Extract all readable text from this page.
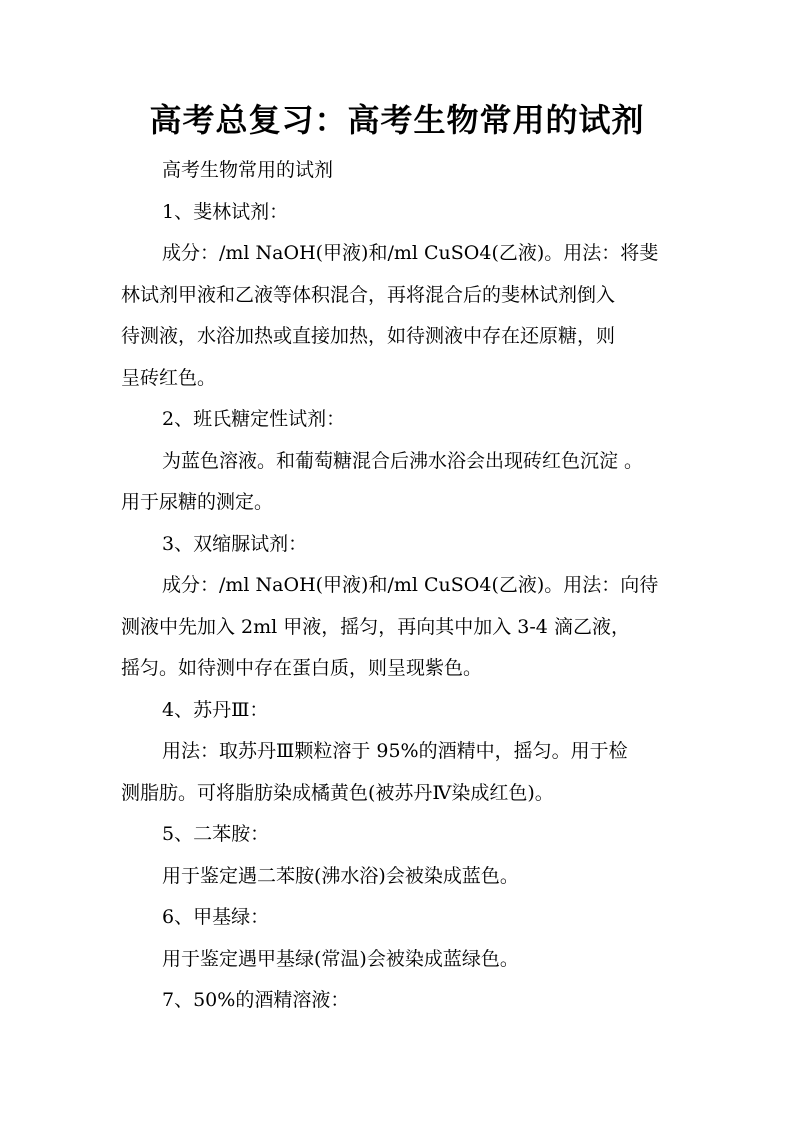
高考总复习：高考生物常用的试剂

高考生物常用的试剂

1、斐林试剂：

成分：/ml NaOH(甲液)和/ml CuSO4(乙液)。用法：将斐
林试剂甲液和乙液等体积混合，再将混合后的斐林试剂倒入
待测液，水浴加热或直接加热，如待测液中存在还原糖，则
呈砖红色。

2、班氏糖定性试剂：

为蓝色溶液。和葡萄糖混合后沸水浴会出现砖红色沉淀 。
用于尿糖的测定。

3、双缩脲试剂：

成分：/ml NaOH(甲液)和/ml CuSO4(乙液)。用法：向待
测液中先加入 2ml 甲液，摇匀，再向其中加入 3-4 滴乙液，
摇匀。如待测中存在蛋白质，则呈现紫色。

4、苏丹Ⅲ：

用法：取苏丹Ⅲ颗粒溶于 95%的酒精中，摇匀。用于检
测脂肪。可将脂肪染成橘黄色(被苏丹Ⅳ染成红色)。

5、二苯胺：

用于鉴定遇二苯胺(沸水浴)会被染成蓝色。

6、甲基绿：

用于鉴定遇甲基绿(常温)会被染成蓝绿色。

7、50%的酒精溶液：
